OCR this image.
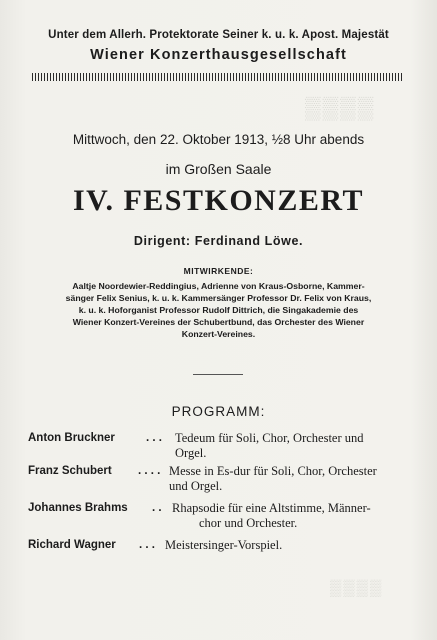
▒▒▒▒
▒▒▒▒
Unter dem Allerh. Protektorate Seiner k. u. k. Apost. Majestät
Wiener Konzerthausgesellschaft
Mittwoch, den 22. Oktober 1913, ½8 Uhr abends
im Großen Saale
IV. FESTKONZERT
Dirigent: Ferdinand Löwe.
MITWIRKENDE:
Aaltje Noordewier-Reddingius, Adrienne von Kraus-Osborne, Kammer-
sänger Felix Senius, k. u. k. Kammersänger Professor Dr. Felix von Kraus,
k. u. k. Hoforganist Professor Rudolf Dittrich, die Singakademie des
Wiener Konzert-Vereines der Schubertbund, das Orchester des Wiener
Konzert-Vereines.
PROGRAMM:
Anton Bruckner	. . . Tedeum für Soli, Chor, Orchester und
Orgel.
Franz Schubert . . . . Messe in Es-dur für Soli, Chor, Orchester
und Orgel.
Johannes Brahms . . Rhapsodie für eine Altstimme, Männer-
chor und Orchester.
Richard Wagner . . . Meistersinger-Vorspiel.
